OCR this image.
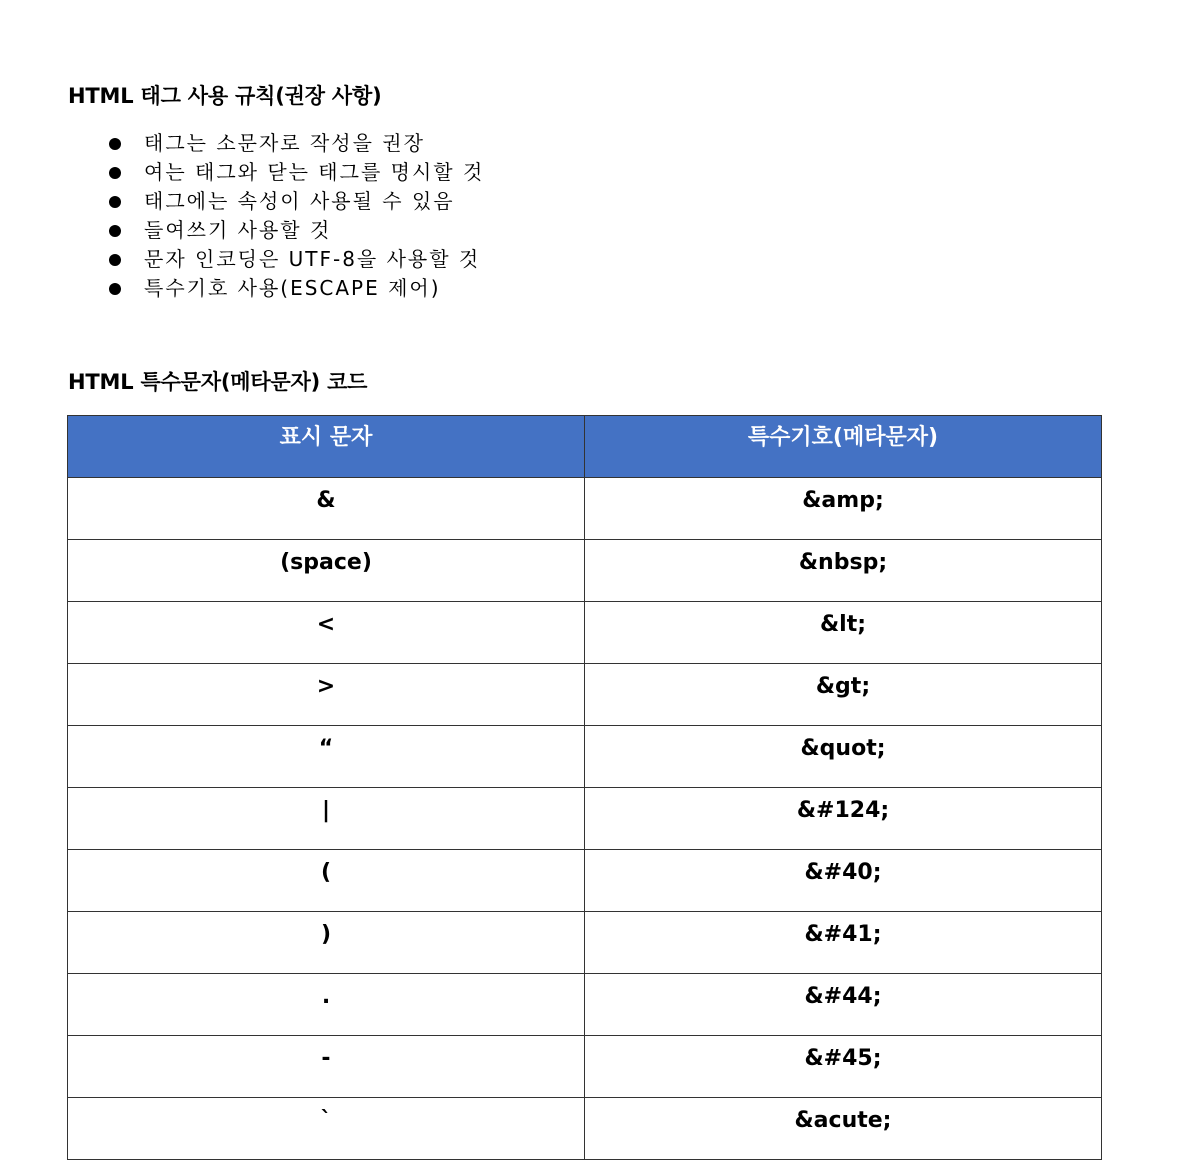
HTML 태그 사용 규칙(권장 사항)
태그는 소문자로 작성을 권장
여는 태그와 닫는 태그를 명시할 것
태그에는 속성이 사용될 수 있음
들여쓰기 사용할 것
문자 인코딩은 UTF-8을 사용할 것
특수기호 사용(ESCAPE 제어)
HTML 특수문자(메타문자) 코드
표시 문자	특수기호(메타문자)
&	&amp;
(space)	&nbsp;
<	&lt;
>	&gt;
“	&quot;
|	&#124;
(	&#40;
)	&#41;
.	&#44;
-	&#45;
`	&acute;
